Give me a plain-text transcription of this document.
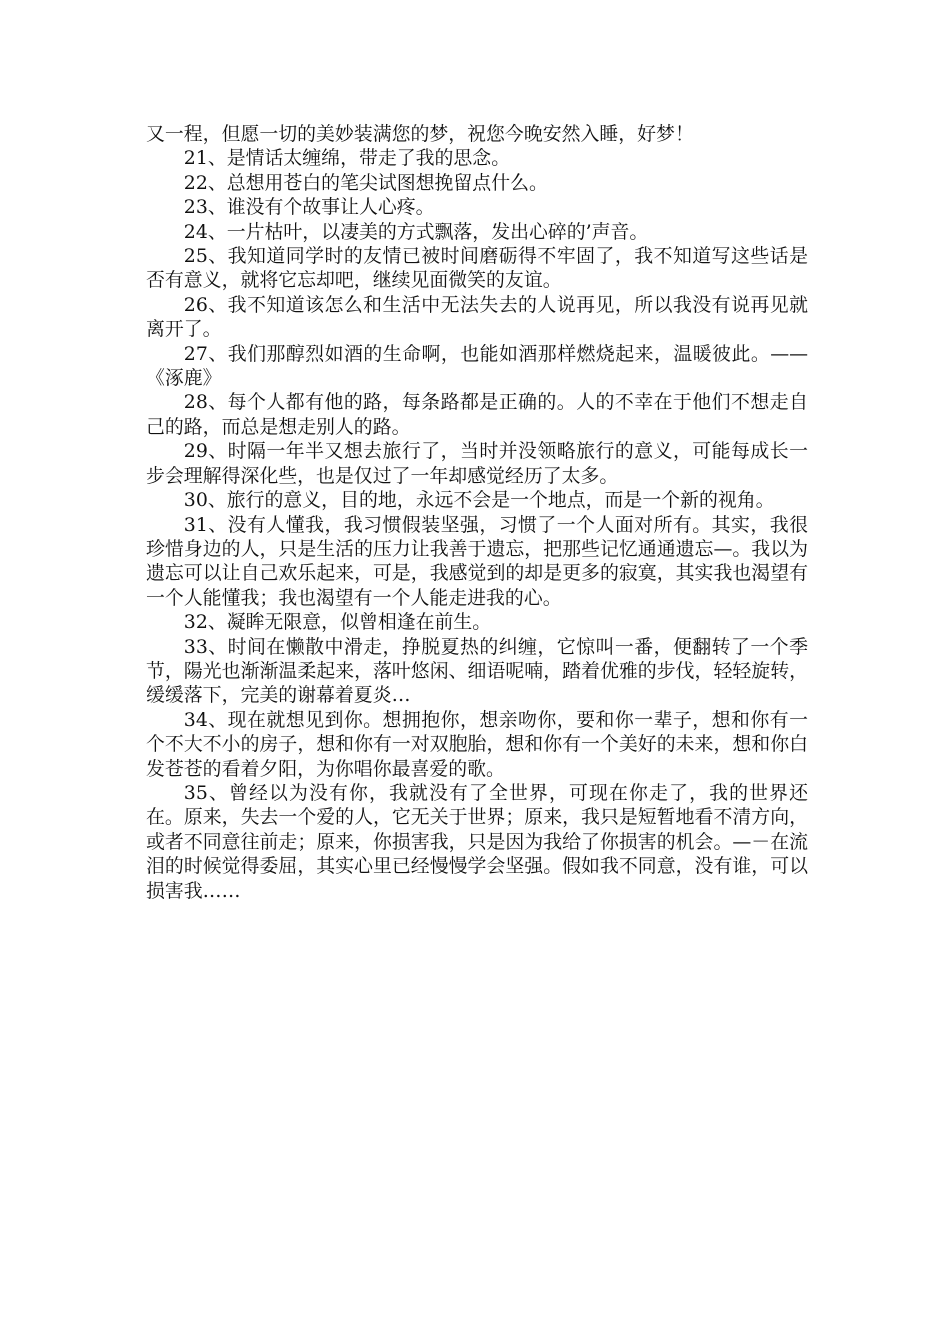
又一程，但愿一切的美妙装满您的梦，祝您今晚安然入睡，好梦！

21、是情话太缠绵，带走了我的思念。

22、总想用苍白的笔尖试图想挽留点什么。

23、谁没有个故事让人心疼。

24、一片枯叶，以凄美的方式飘落，发出心碎的’声音。

25、我知道同学时的友情已被时间磨砺得不牢固了，我不知道写这些话是否有意义，就将它忘却吧，继续见面微笑的友谊。

26、我不知道该怎么和生活中无法失去的人说再见，所以我没有说再见就离开了。

27、我们那醇烈如酒的生命啊，也能如酒那样燃烧起来，温暖彼此。——《涿鹿》

28、每个人都有他的路，每条路都是正确的。人的不幸在于他们不想走自己的路，而总是想走别人的路。

29、时隔一年半又想去旅行了，当时并没领略旅行的意义，可能每成长一步会理解得深化些，也是仅过了一年却感觉经历了太多。

30、旅行的意义，目的地，永远不会是一个地点，而是一个新的视角。

31、没有人懂我，我习惯假装坚强，习惯了一个人面对所有。其实，我很珍惜身边的人，只是生活的压力让我善于遗忘，把那些记忆通通遗忘—。我以为遗忘可以让自己欢乐起来，可是，我感觉到的却是更多的寂寞，其实我也渴望有一个人能懂我；我也渴望有一个人能走进我的心。

32、凝眸无限意，似曾相逢在前生。

33、时间在懒散中滑走，挣脱夏热的纠缠，它惊叫一番，便翻转了一个季节，陽光也渐渐温柔起来，落叶悠闲、细语呢喃，踏着优雅的步伐，轻轻旋转，缓缓落下，完美的谢幕着夏炎…

34、现在就想见到你。想拥抱你，想亲吻你，要和你一辈子，想和你有一个不大不小的房子，想和你有一对双胞胎，想和你有一个美好的未来，想和你白发苍苍的看着夕阳，为你唱你最喜爱的歌。

35、曾经以为没有你，我就没有了全世界，可现在你走了，我的世界还在。原来，失去一个爱的人，它无关于世界；原来，我只是短暂地看不清方向，或者不同意往前走；原来，你损害我，只是因为我给了你损害的机会。—－在流泪的时候觉得委屈，其实心里已经慢慢学会坚强。假如我不同意，没有谁，可以损害我……
